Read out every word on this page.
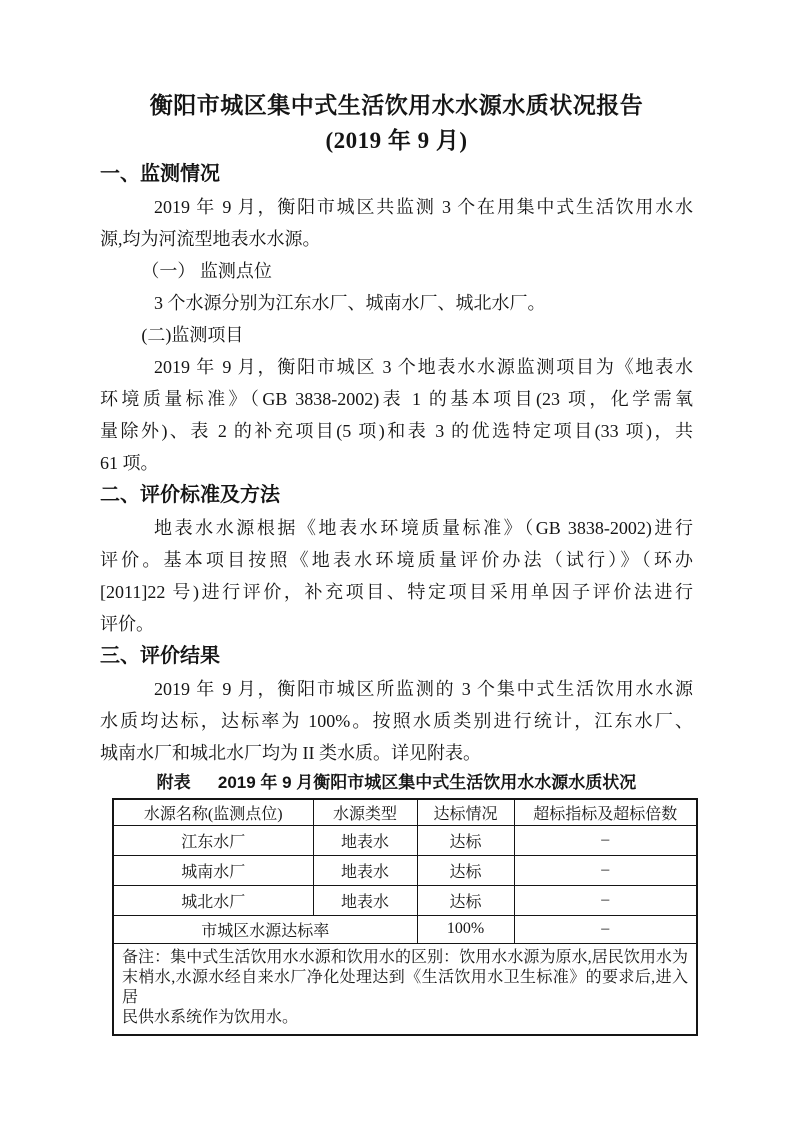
衡阳市城区集中式生活饮用水水源水质状况报告
(2019 年 9 月)
一、监测情况
2019 年 9 月，衡阳市城区共监测 3 个在用集中式生活饮用水水
源,均为河流型地表水水源。
（一） 监测点位
3 个水源分别为江东水厂、城南水厂、城北水厂。
(二)监测项目
2019 年 9 月，衡阳市城区 3 个地表水水源监测项目为《地表水
环境质量标准》（GB 3838-2002)表 1 的基本项目(23 项，化学需氧
量除外)、表 2 的补充项目(5 项)和表 3 的优选特定项目(33 项)，共
61 项。
二、评价标准及方法
地表水水源根据《地表水环境质量标准》（GB 3838-2002)进行
评价。基本项目按照《地表水环境质量评价办法（试行）》（环办
[2011]22 号)进行评价，补充项目、特定项目采用单因子评价法进行
评价。
三、评价结果
2019 年 9 月，衡阳市城区所监测的 3 个集中式生活饮用水水源
水质均达标，达标率为 100%。按照水质类别进行统计，江东水厂、
城南水厂和城北水厂均为 II 类水质。详见附表。
附表 2019 年 9 月衡阳市城区集中式生活饮用水水源水质状况
水源名称(监测点位)	水源类型	达标情况	超标指标及超标倍数
江东水厂	地表水	达标	–
城南水厂	地表水	达标	–
城北水厂	地表水	达标	–
市城区水源达标率		100%	–

备注：集中式生活饮用水水源和饮用水的区别：饮用水水源为原水,居民饮用水为
末梢水,水源水经自来水厂净化处理达到《生活饮用水卫生标准》的要求后,进入居
民供水系统作为饮用水。			
